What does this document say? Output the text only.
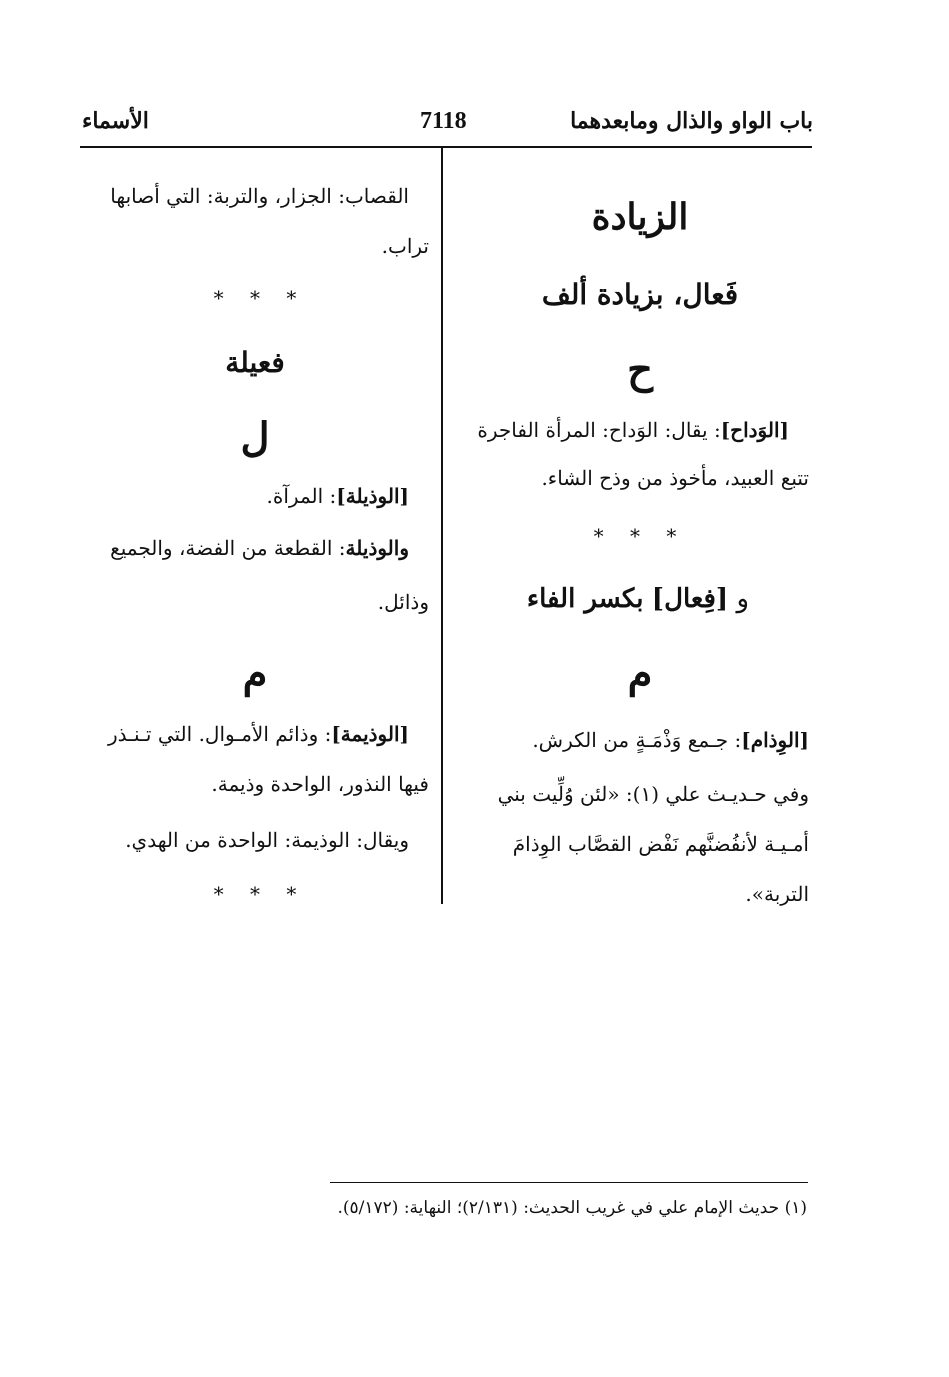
باب الواو والذال ومابعدهما
7118
الأسماء
الزيادة
فَعال، بزيادة ألف
ح
[الوَداح]: يقال: الوَداح: المرأة الفاجرة
تتبع العبيد، مأخوذ من وذح الشاء.
* * *
و [فِعال] بكسر الفاء
م
[الوِذام]: جـمع وَذْمَـةٍ من الكرش.
وفي حـديـث علي (١): «لئن وُلِّيت بني
أمـيـة لأنفُضنَّهم نَفْض القصَّاب الوِذامَ
التربة».
القصاب: الجزار، والتربة: التي أصابها
تراب.
* * *
فعيلة
ل
[الوذيلة]: المرآة.
والوذيلة: القطعة من الفضة، والجميع
وذائل.
م
[الوذيمة]: وذائم الأمـوال. التي تـنـذر
فيها النذور، الواحدة وذيمة.
ويقال: الوذيمة: الواحدة من الهدي.
* * *
(١) حديث الإمام علي في غريب الحديث: (٢/١٣١)؛ النهاية: (٥/١٧٢).
